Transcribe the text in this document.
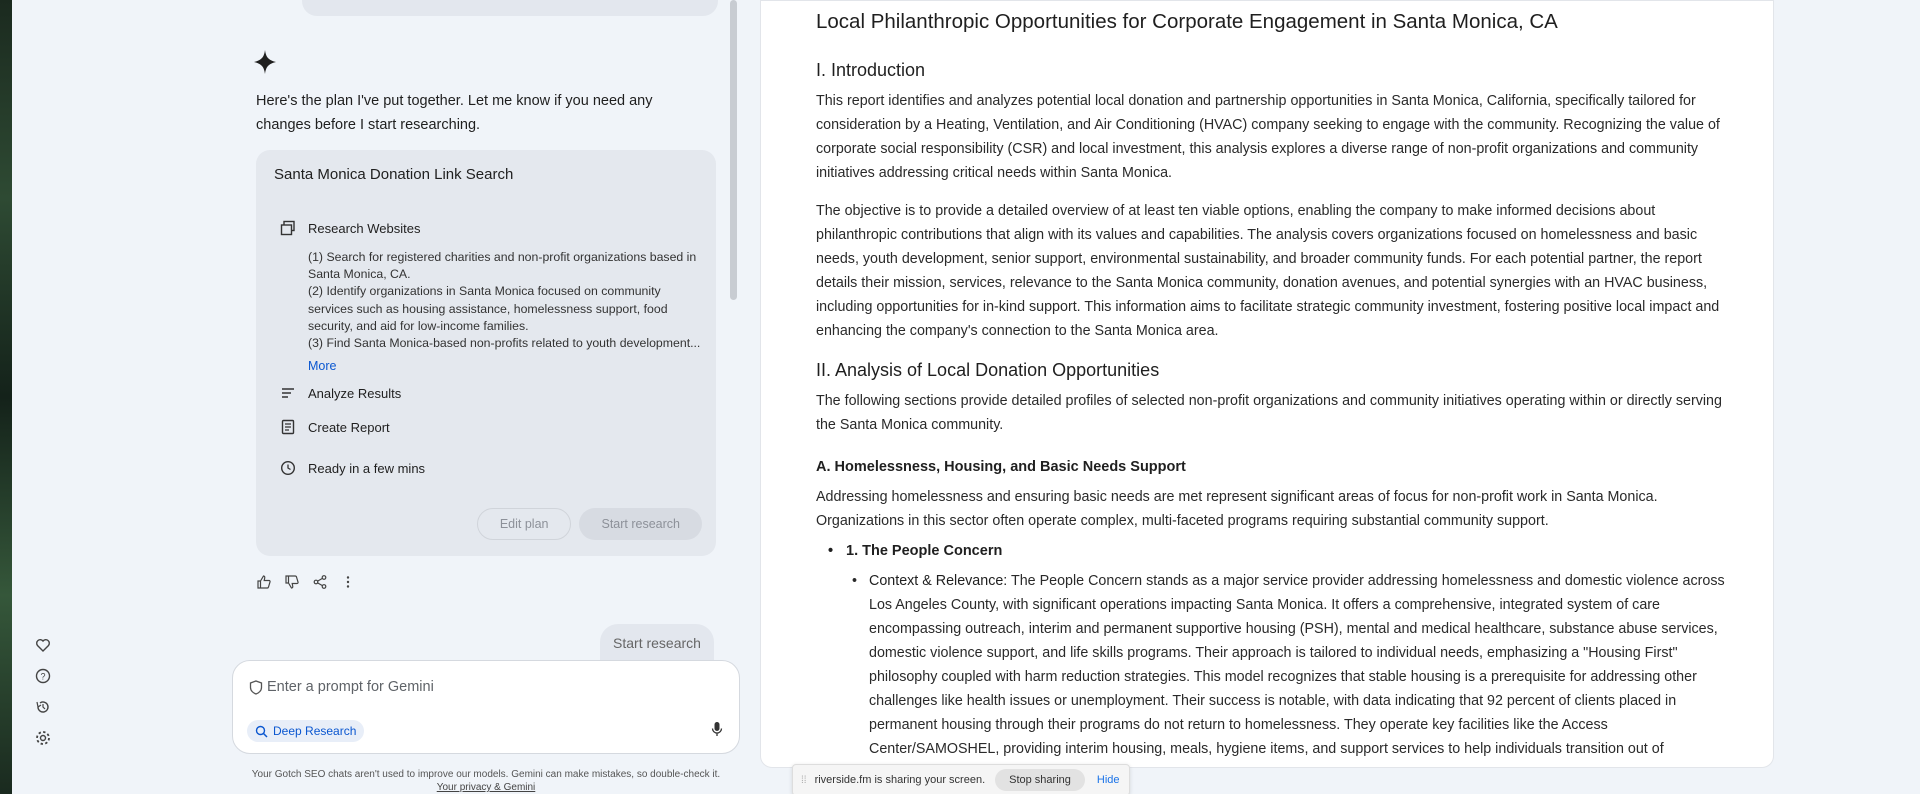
?
Here's the plan I've put together. Let me know if you need any changes before I start researching.
Santa Monica Donation Link Search
Research Websites
(1) Search for registered charities and non-profit organizations based in
Santa Monica, CA.
(2) Identify organizations in Santa Monica focused on community
services such as housing assistance, homelessness support, food
security, and aid for low-income families.
(3) Find Santa Monica-based non-profits related to youth development...
More
Analyze Results
Create Report
Ready in a few mins
Edit plan	Start research
Start research
Enter a prompt for Gemini
Deep Research
Your Gotch SEO chats aren't used to improve our models. Gemini can make mistakes, so double-check it.
Your privacy & Gemini
Local Philanthropic Opportunities for Corporate Engagement in Santa Monica, CA
I. Introduction

This report identifies and analyzes potential local donation and partnership opportunities in Santa Monica, California, specifically tailored for consideration by a Heating, Ventilation, and Air Conditioning (HVAC) company seeking to engage with the community. Recognizing the value of corporate social responsibility (CSR) and local investment, this analysis explores a diverse range of non-profit organizations and community initiatives addressing critical needs within Santa Monica.

The objective is to provide a detailed overview of at least ten viable options, enabling the company to make informed decisions about philanthropic contributions that align with its values and capabilities. The analysis covers organizations focused on homelessness and basic needs, youth development, senior support, environmental sustainability, and broader community funds. For each potential partner, the report details their mission, services, relevance to the Santa Monica community, donation avenues, and potential synergies with an HVAC business, including opportunities for in-kind support. This information aims to facilitate strategic community investment, fostering positive local impact and enhancing the company's connection to the Santa Monica area.

II. Analysis of Local Donation Opportunities

The following sections provide detailed profiles of selected non-profit organizations and community initiatives operating within or directly serving the Santa Monica community.

A. Homelessness, Housing, and Basic Needs Support

Addressing homelessness and ensuring basic needs are met represent significant areas of focus for non-profit work in Santa Monica. Organizations in this sector often operate complex, multi-faceted programs requiring substantial community support.

• 1. The People Concern
• Context & Relevance: The People Concern stands as a major service provider addressing homelessness and domestic violence across Los Angeles County, with significant operations impacting Santa Monica. It offers a comprehensive, integrated system of care encompassing outreach, interim and permanent supportive housing (PSH), mental and medical healthcare, substance abuse services, domestic violence support, and life skills programs. Their approach is tailored to individual needs, emphasizing a "Housing First" philosophy coupled with harm reduction strategies. This model recognizes that stable housing is a prerequisite for addressing other challenges like health issues or unemployment. Their success is notable, with data indicating that 92 percent of clients placed in permanent housing through their programs do not return to homelessness. They operate key facilities like the Access Center/SAMOSHEL, providing interim housing, meals, hygiene items, and support services to help individuals transition out of
⁞⁞ riverside.fm is sharing your screen.	Stop sharing	Hide
